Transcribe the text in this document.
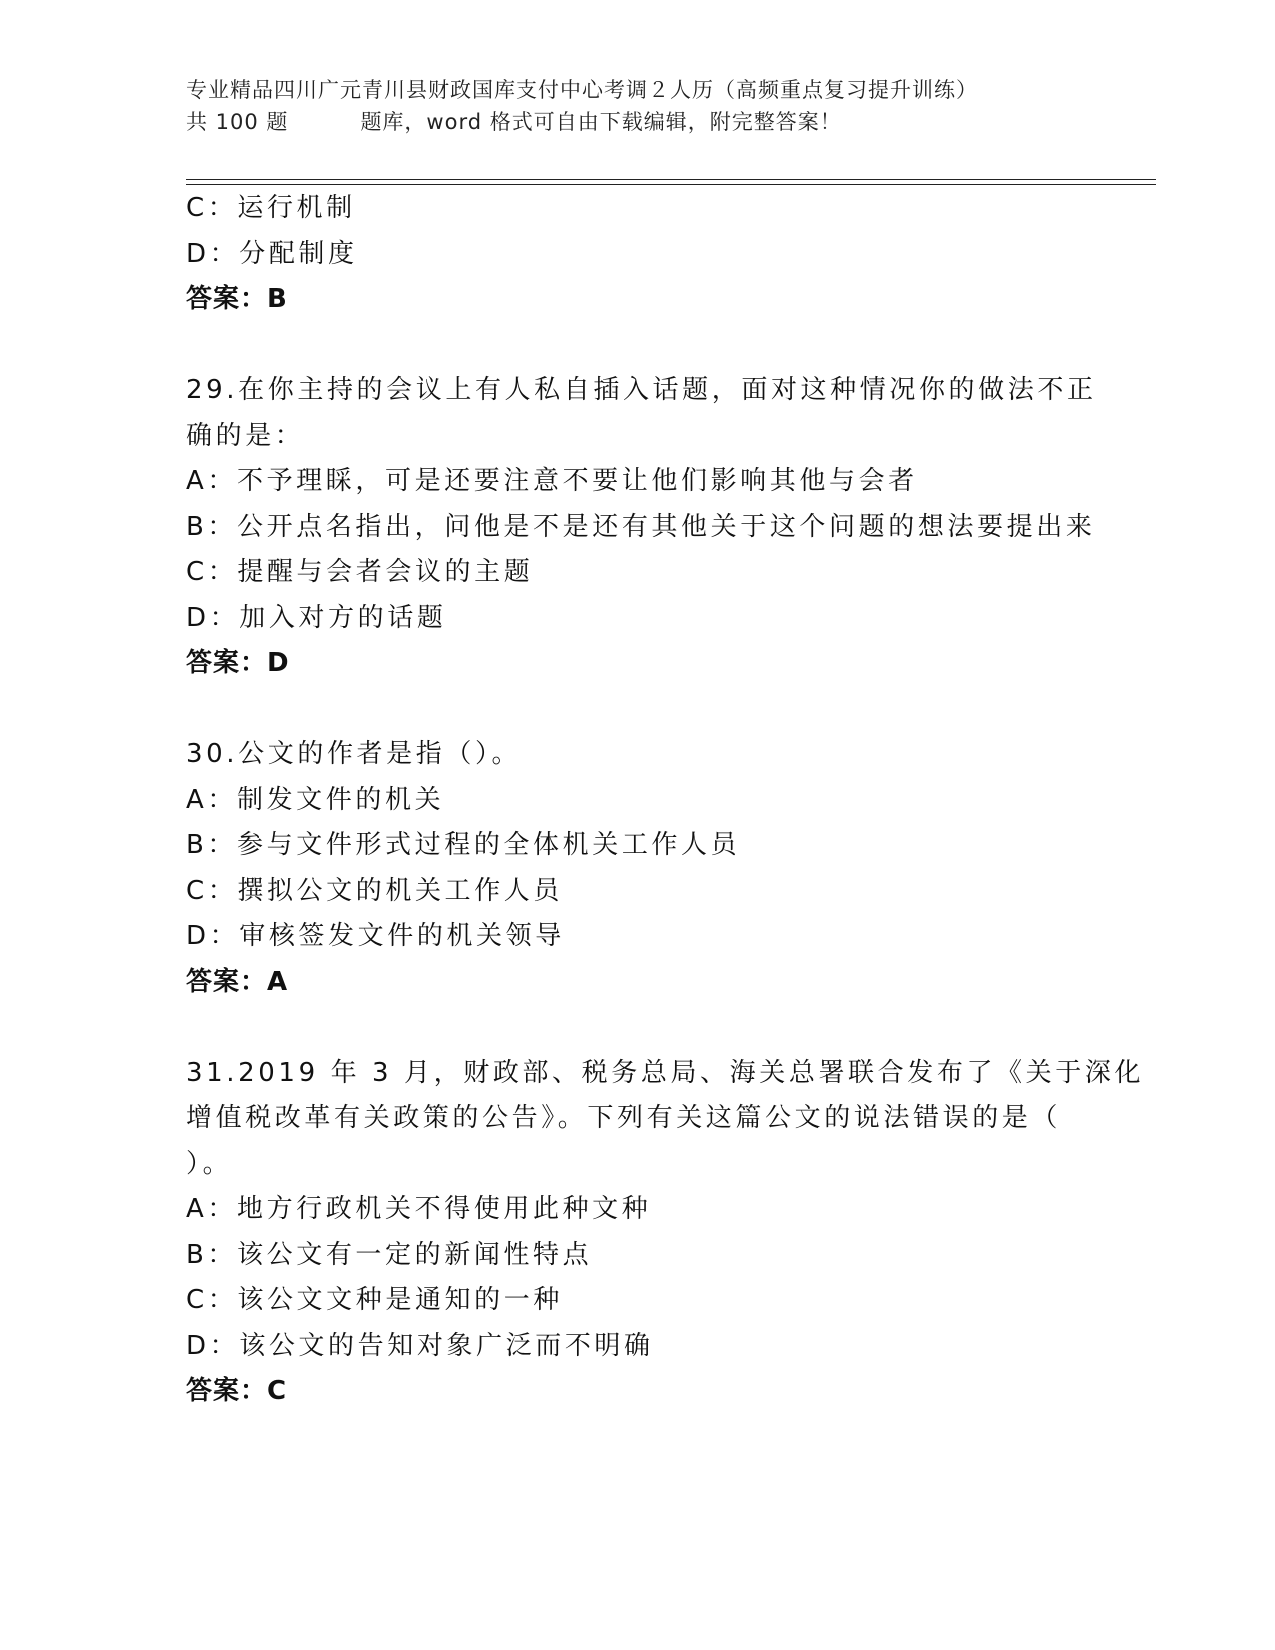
专业精品四川广元青川县财政国库支付中心考调２人历（高频重点复习提升训练）
共 100 题	题库，word 格式可自由下载编辑，附完整答案！
C：运行机制
D：分配制度
答案：B
29.在你主持的会议上有人私自插入话题，面对这种情况你的做法不正
确的是：
A：不予理睬，可是还要注意不要让他们影响其他与会者
B：公开点名指出，问他是不是还有其他关于这个问题的想法要提出来
C：提醒与会者会议的主题
D：加入对方的话题
答案：D
30.公文的作者是指（）。
A：制发文件的机关
B：参与文件形式过程的全体机关工作人员
C：撰拟公文的机关工作人员
D：审核签发文件的机关领导
答案：A
31.2019 年 3 月，财政部、税务总局、海关总署联合发布了《关于深化
增值税改革有关政策的公告》。下列有关这篇公文的说法错误的是（
）。
A：地方行政机关不得使用此种文种
B：该公文有一定的新闻性特点
C：该公文文种是通知的一种
D：该公文的告知对象广泛而不明确
答案：C
